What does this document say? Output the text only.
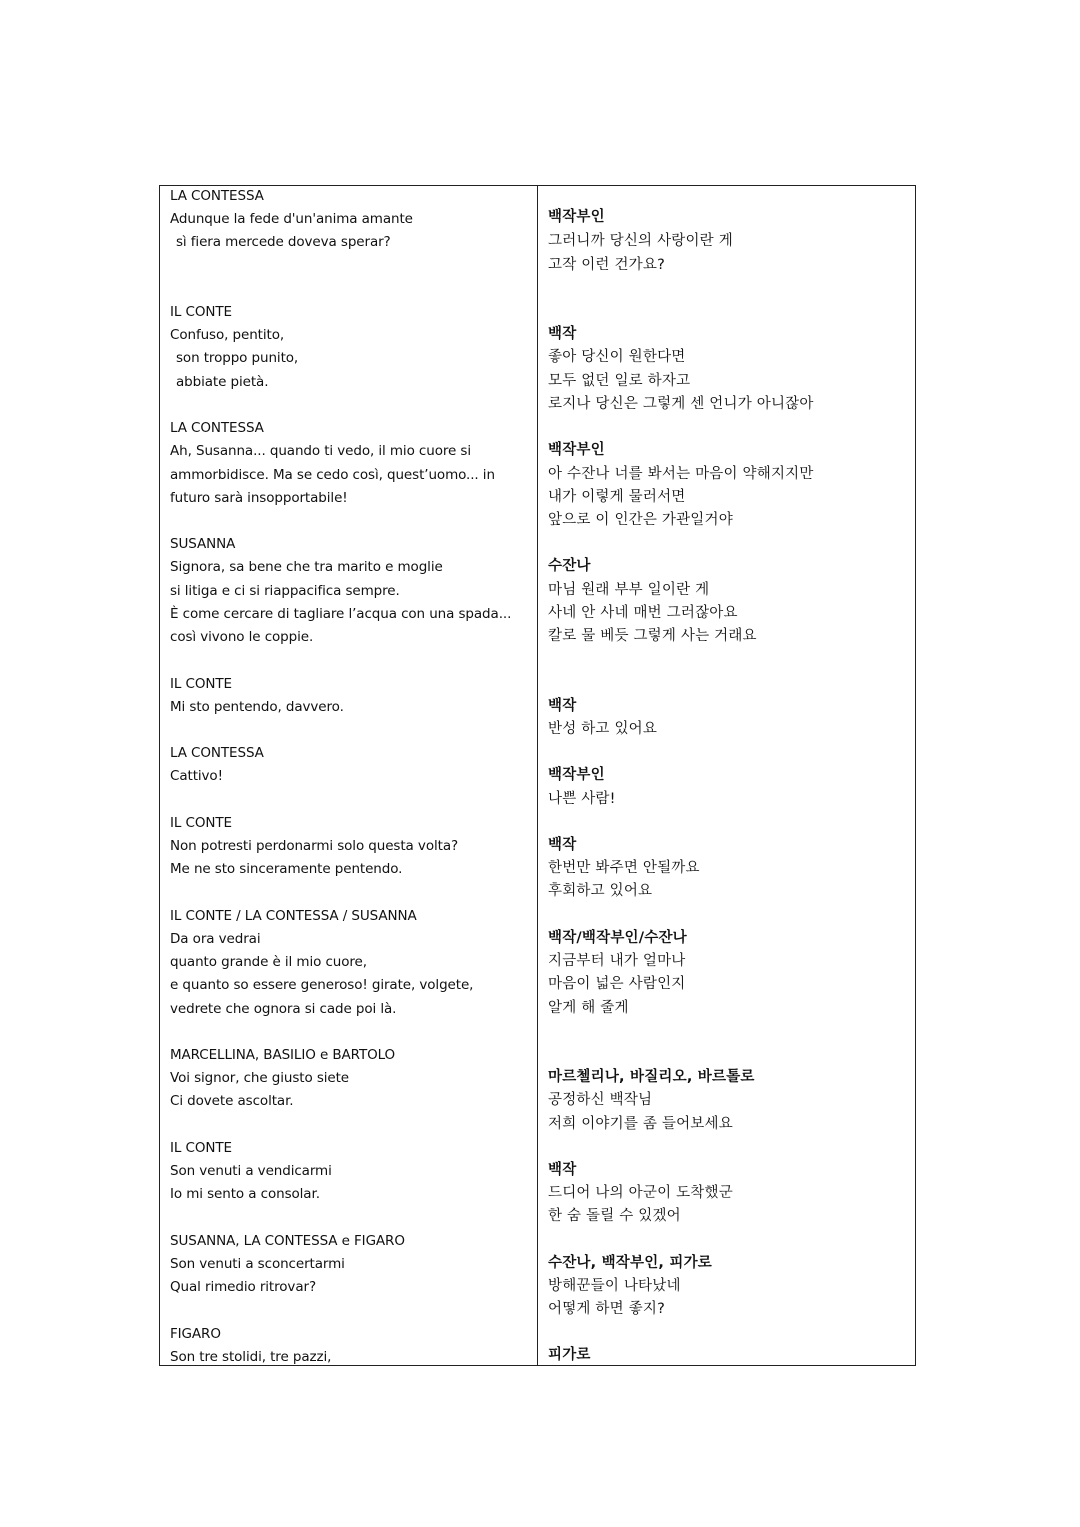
LA CONTESSA
Adunque la fede d'un'anima amante
sì fiera mercede doveva sperar?
IL CONTE
Confuso, pentito,
son troppo punito,
abbiate pietà.
LA CONTESSA
Ah, Susanna... quando ti vedo, il mio cuore si
ammorbidisce. Ma se cedo così, quest’uomo... in
futuro sarà insopportabile!
SUSANNA
Signora, sa bene che tra marito e moglie
si litiga e ci si riappacifica sempre.
È come cercare di tagliare l’acqua con una spada...
così vivono le coppie.
IL CONTE
Mi sto pentendo, davvero.
LA CONTESSA
Cattivo!
IL CONTE
Non potresti perdonarmi solo questa volta?
Me ne sto sinceramente pentendo.
IL CONTE / LA CONTESSA / SUSANNA
Da ora vedrai
quanto grande è il mio cuore,
e quanto so essere generoso! girate, volgete,
vedrete che ognora si cade poi là.
MARCELLINA, BASILIO e BARTOLO
Voi signor, che giusto siete
Ci dovete ascoltar.
IL CONTE
Son venuti a vendicarmi
Io mi sento a consolar.
SUSANNA, LA CONTESSA e FIGARO
Son venuti a sconcertarmi
Qual rimedio ritrovar?
FIGARO
Son tre stolidi, tre pazzi,
백작부인
그러니까 당신의 사랑이란 게
고작 이런 건가요?
백작
좋아 당신이 원한다면
모두 없던 일로 하자고
로지나 당신은 그렇게 센 언니가 아니잖아
백작부인
아 수잔나 너를 봐서는 마음이 약해지지만
내가 이렇게 물러서면
앞으로 이 인간은 가관일거야
수잔나
마님 원래 부부 일이란 게
사네 안 사네 매번 그러잖아요
칼로 물 베듯 그렇게 사는 거래요
백작
반성 하고 있어요
백작부인
나쁜 사람!
백작
한번만 봐주면 안될까요
후회하고 있어요
백작/백작부인/수잔나
지금부터 내가 얼마나
마음이 넓은 사람인지
알게 해 줄게
마르첼리나, 바질리오, 바르톨로
공정하신 백작님
저희 이야기를 좀 들어보세요
백작
드디어 나의 아군이 도착했군
한 숨 돌릴 수 있겠어
수잔나, 백작부인, 피가로
방해꾼들이 나타났네
어떻게 하면 좋지?
피가로
